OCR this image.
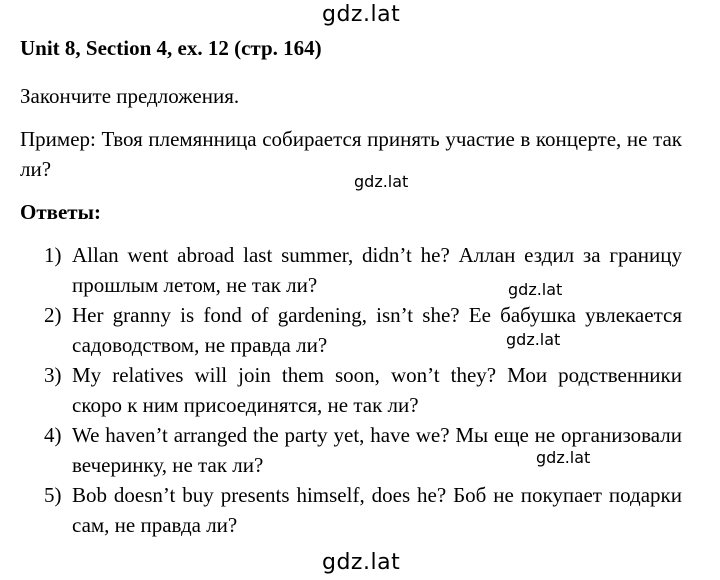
gdz.lat
Unit 8, Section 4, ex. 12 (стр. 164)
Закончите предложения.
Пример: Твоя племянница собирается принять участие в концерте, не так ли?
gdz.lat
Ответы:
1) Allan went abroad last summer, didn’t he? Аллан ездил за границу прошлым летом, не так ли?
2) Her granny is fond of gardening, isn’t she? Ее бабушка увлекается садоводством, не правда ли?
3) My relatives will join them soon, won’t they? Мои родственники скоро к ним присоединятся, не так ли?
4) We haven’t arranged the party yet, have we? Мы еще не организовали вечеринку, не так ли?
5) Bob doesn’t buy presents himself, does he? Боб не покупает подарки сам, не правда ли?
gdz.lat
gdz.lat
gdz.lat
gdz.lat
